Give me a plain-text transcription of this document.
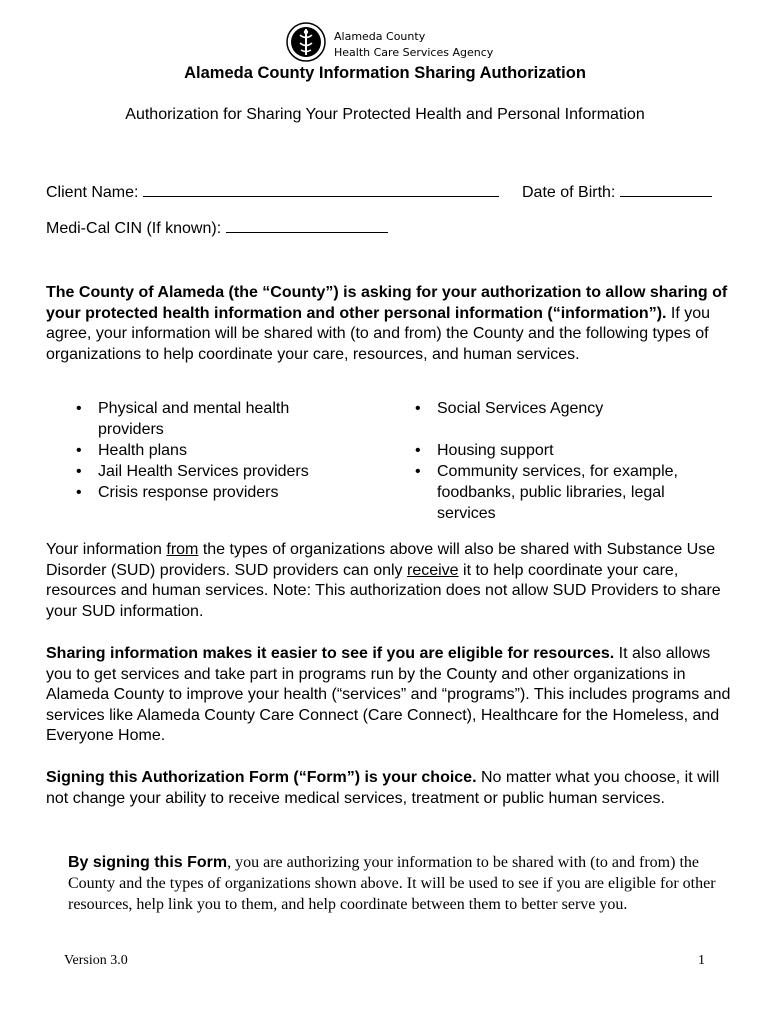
Alameda County
Health Care Services Agency
Alameda County Information Sharing Authorization
Authorization for Sharing Your Protected Health and Personal Information
Client Name:	Date of Birth:
Medi-Cal CIN (If known):
The County of Alameda (the “County”) is asking for your authorization to allow sharing of your protected health information and other personal information (“information”). If you agree, your information will be shared with (to and from) the County and the following types of organizations to help coordinate your care, resources, and human services.
• Physical and mental health providers
• Health plans
• Jail Health Services providers
• Crisis response providers
• Social Services Agency
• Housing support
• Community services, for example, foodbanks, public libraries, legal services
Your information from the types of organizations above will also be shared with Substance Use Disorder (SUD) providers. SUD providers can only receive it to help coordinate your care, resources and human services. Note: This authorization does not allow SUD Providers to share your SUD information.
Sharing information makes it easier to see if you are eligible for resources. It also allows you to get services and take part in programs run by the County and other organizations in Alameda County to improve your health (“services” and “programs”). This includes programs and services like Alameda County Care Connect (Care Connect), Healthcare for the Homeless, and Everyone Home.
Signing this Authorization Form (“Form”) is your choice. No matter what you choose, it will not change your ability to receive medical services, treatment or public human services.
By signing this Form, you are authorizing your information to be shared with (to and from) the County and the types of organizations shown above. It will be used to see if you are eligible for other resources, help link you to them, and help coordinate between them to better serve you.
Version 3.0	1
